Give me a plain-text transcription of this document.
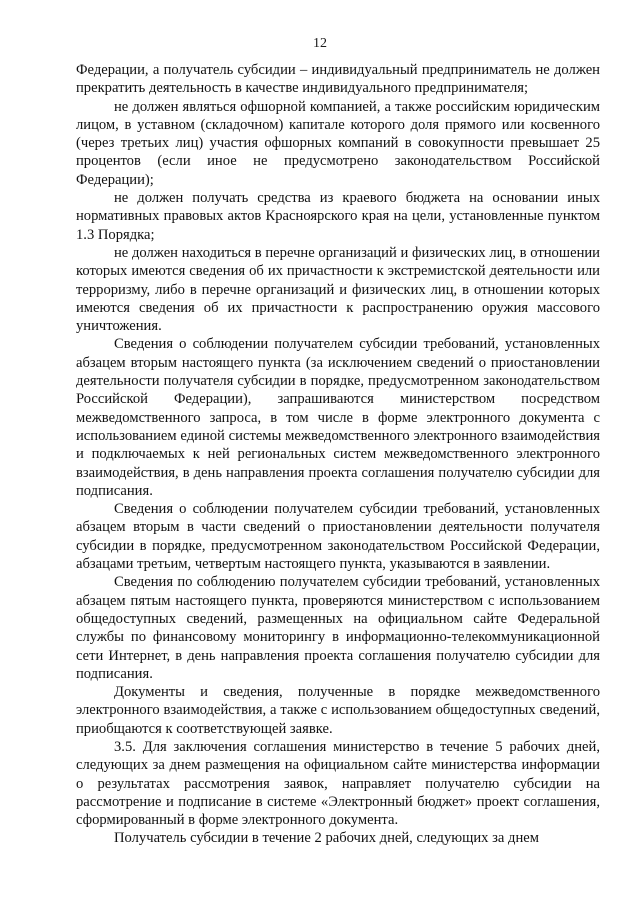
12

Федерации, а получатель субсидии – индивидуальный предприниматель не должен прекратить деятельность в качестве индивидуального предпринимателя;

не должен являться офшорной компанией, а также российским юридическим лицом, в уставном (складочном) капитале которого доля прямого или косвенного (через третьих лиц) участия офшорных компаний в совокупности превышает 25 процентов (если иное не предусмотрено законодательством Российской Федерации);

не должен получать средства из краевого бюджета на основании иных нормативных правовых актов Красноярского края на цели, установленные пунктом 1.3 Порядка;

не должен находиться в перечне организаций и физических лиц, в отношении которых имеются сведения об их причастности к экстремистской деятельности или терроризму, либо в перечне организаций и физических лиц, в отношении которых имеются сведения об их причастности к распространению оружия массового уничтожения.

Сведения о соблюдении получателем субсидии требований, установленных абзацем вторым настоящего пункта (за исключением сведений о приостановлении деятельности получателя субсидии в порядке, предусмотренном законодательством Российской Федерации), запрашиваются министерством посредством межведомственного запроса, в том числе в форме электронного документа с использованием единой системы межведомственного электронного взаимодействия и подключаемых к ней региональных систем межведомственного электронного взаимодействия, в день направления проекта соглашения получателю субсидии для подписания.

Сведения о соблюдении получателем субсидии требований, установленных абзацем вторым в части сведений о приостановлении деятельности получателя субсидии в порядке, предусмотренном законодательством Российской Федерации, абзацами третьим, четвертым настоящего пункта, указываются в заявлении.

Сведения по соблюдению получателем субсидии требований, установленных абзацем пятым настоящего пункта, проверяются министерством с использованием общедоступных сведений, размещенных на официальном сайте Федеральной службы по финансовому мониторингу в информационно-телекоммуникационной сети Интернет, в день направления проекта соглашения получателю субсидии для подписания.

Документы и сведения, полученные в порядке межведомственного электронного взаимодействия, а также с использованием общедоступных сведений, приобщаются к соответствующей заявке.

3.5. Для заключения соглашения министерство в течение 5 рабочих дней, следующих за днем размещения на официальном сайте министерства информации о результатах рассмотрения заявок, направляет получателю субсидии на рассмотрение и подписание в системе «Электронный бюджет» проект соглашения, сформированный в форме электронного документа.

Получатель субсидии в течение 2 рабочих дней, следующих за днем
